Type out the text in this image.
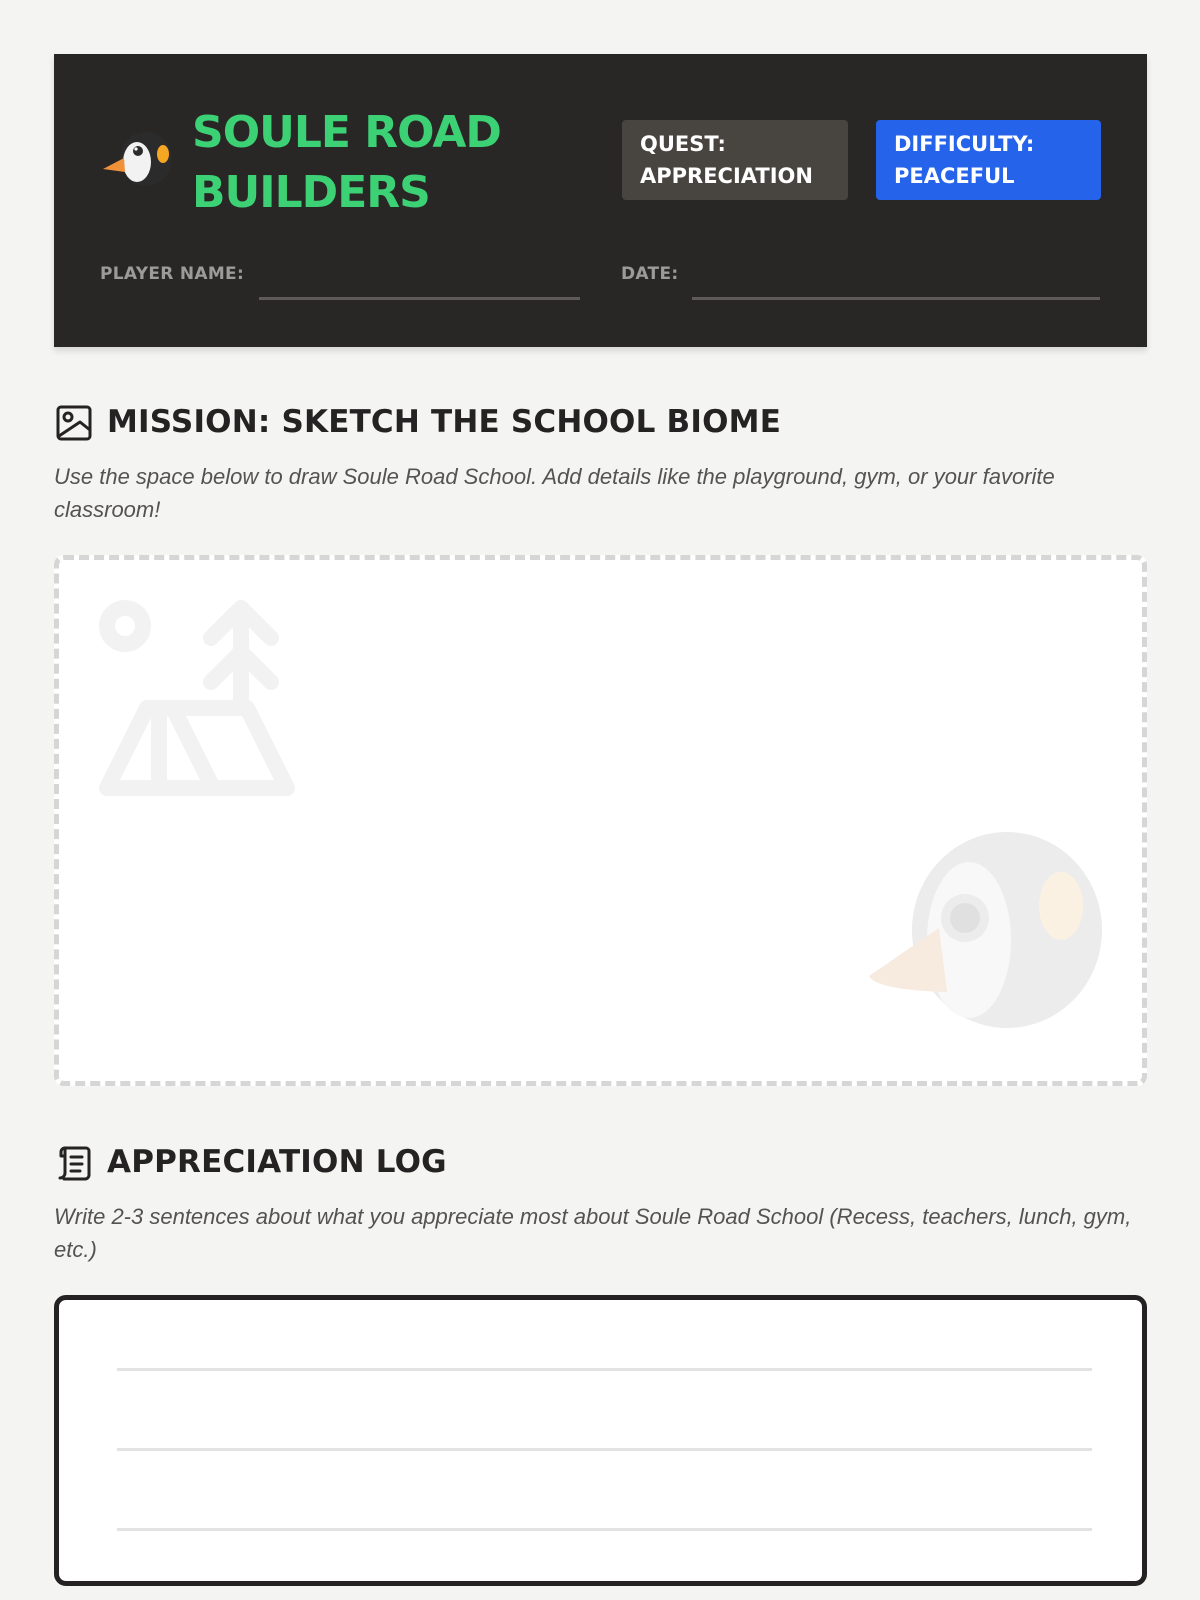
SOULE ROAD BUILDERS
QUEST:
APPRECIATION
DIFFICULTY:
PEACEFUL
PLAYER NAME:	DATE:
MISSION: SKETCH THE SCHOOL BIOME

Use the space below to draw Soule Road School. Add details like the playground, gym, or your favorite classroom!

APPRECIATION LOG

Write 2-3 sentences about what you appreciate most about Soule Road School (Recess, teachers, lunch, gym, etc.)
